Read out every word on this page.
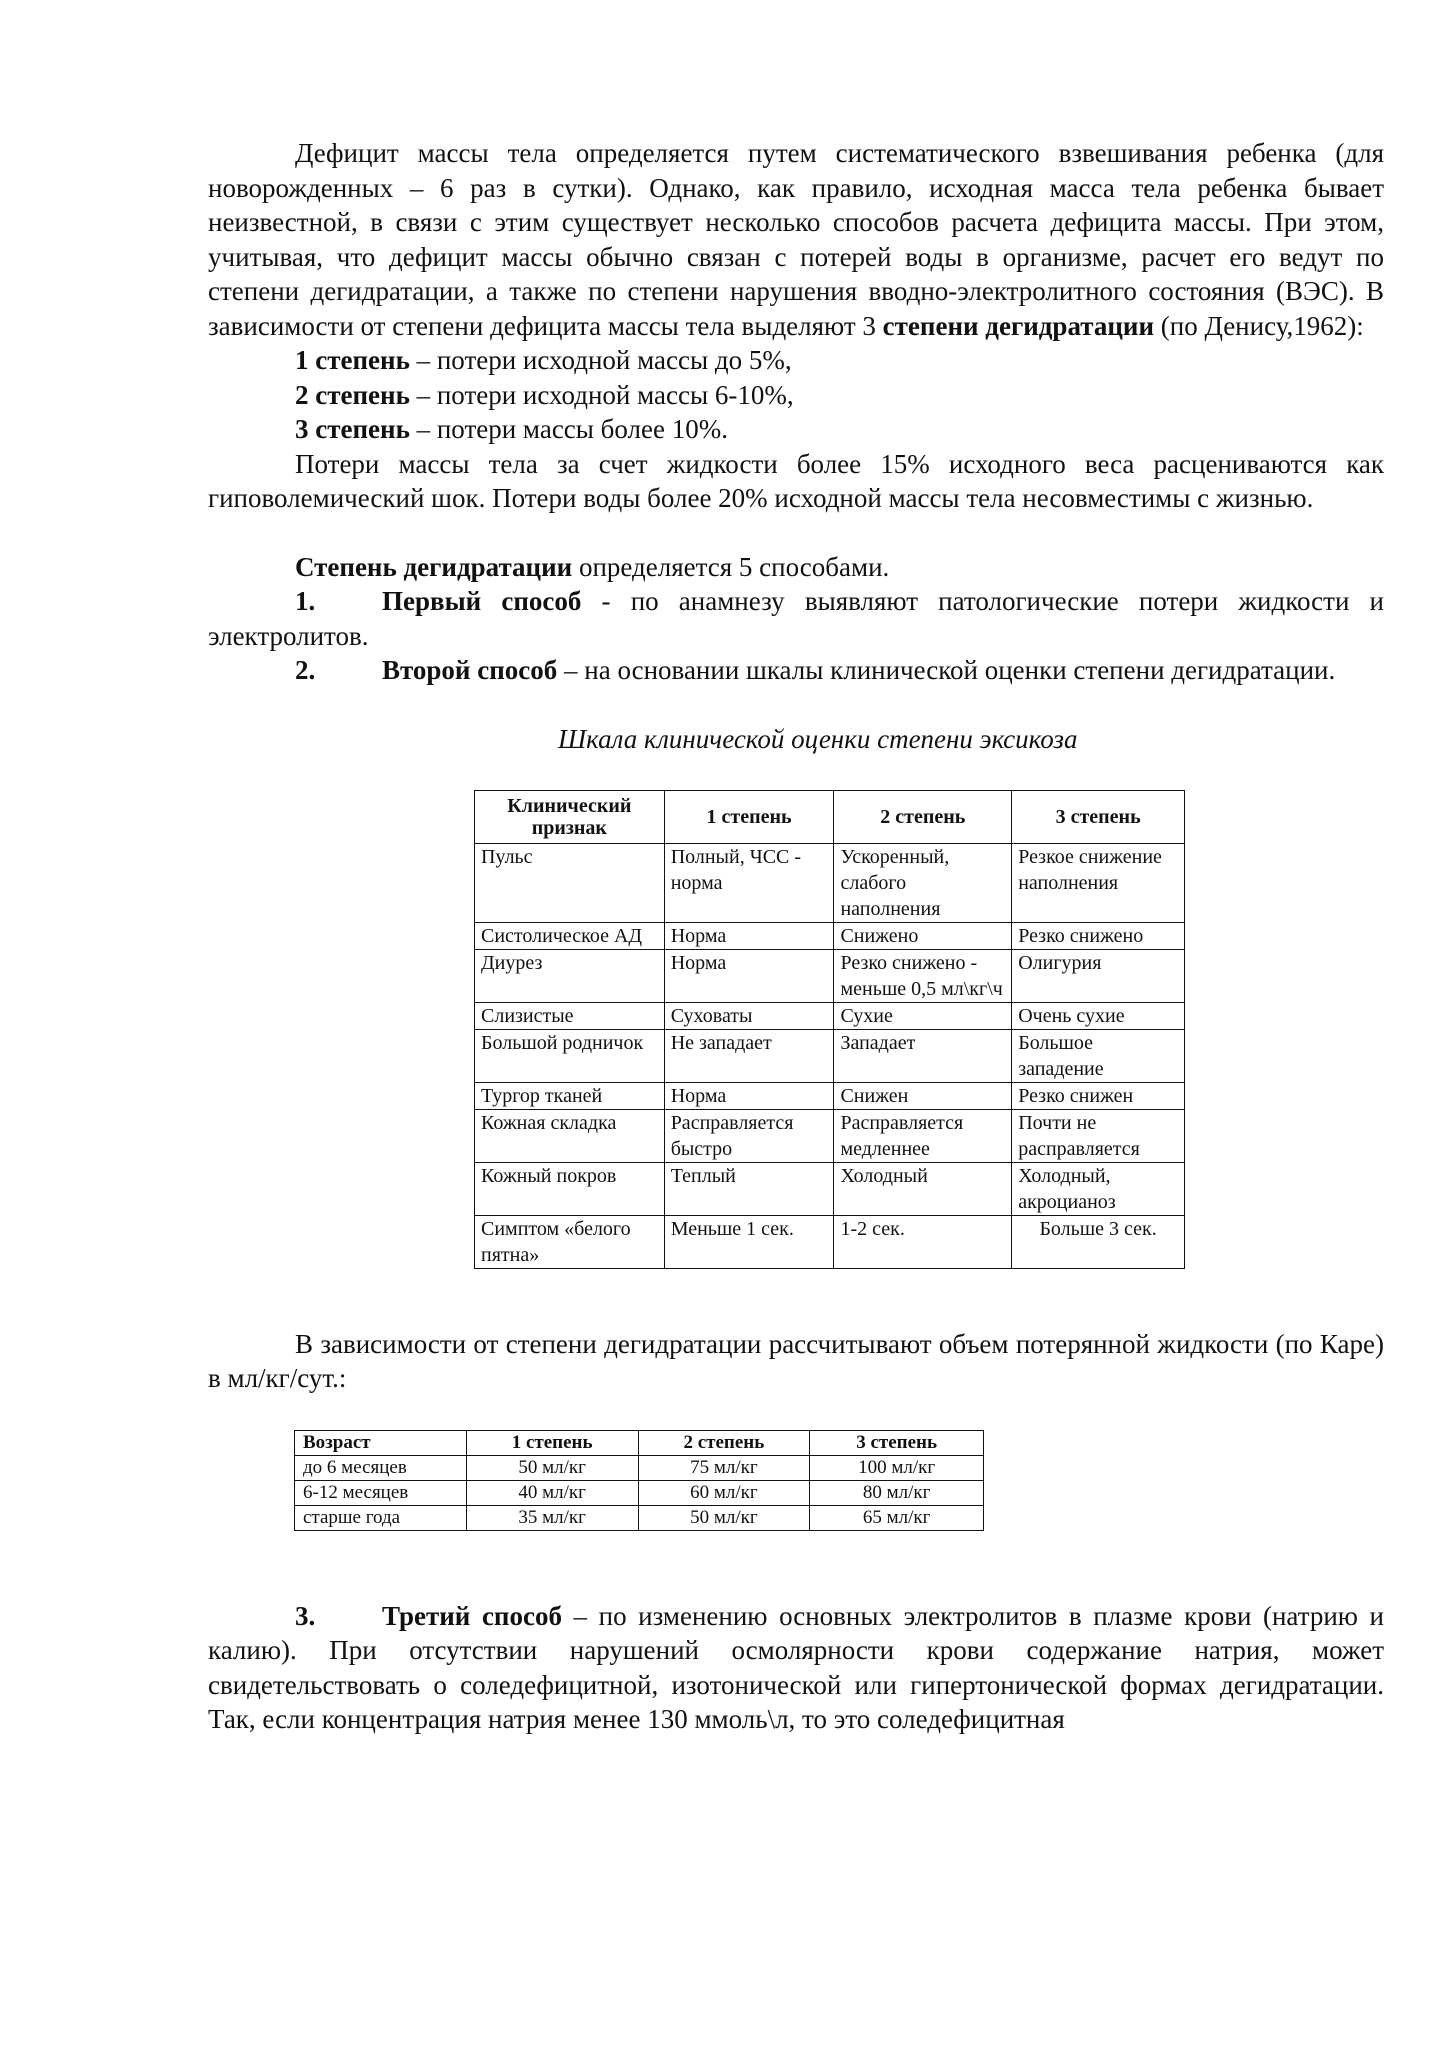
Дефицит массы тела определяется путем систематического взвешивания ребенка (для новорожденных – 6 раз в сутки). Однако, как правило, исходная масса тела ребенка бывает неизвестной, в связи с этим существует несколько способов расчета дефицита массы. При этом, учитывая, что дефицит массы обычно связан с потерей воды в организме, расчет его ведут по степени дегидратации, а также по степени нарушения вводно-электролитного состояния (ВЭС). В зависимости от степени дефицита массы тела выделяют 3 степени дегидратации (по Денису,1962):

1 степень – потери исходной массы до 5%,

2 степень – потери исходной массы 6-10%,

3 степень – потери массы более 10%.

Потери массы тела за счет жидкости более 15% исходного веса расцениваются как гиповолемический шок. Потери воды более 20% исходной массы тела несовместимы с жизнью.

Степень дегидратации определяется 5 способами.

1. Первый способ - по анамнезу выявляют патологические потери жидкости и электролитов.

2. Второй способ – на основании шкалы клинической оценки степени дегидратации.

Шкала клинической оценки степени эксикоза
Клинический признак	1 степень	2 степень	3 степень
Пульс	Полный, ЧСС - норма	Ускоренный, слабого наполнения	Резкое снижение наполнения
Систолическое АД	Норма	Снижено	Резко снижено
Диурез	Норма	Резко снижено - меньше 0,5 мл\кг\ч	Олигурия
Слизистые	Суховаты	Сухие	Очень сухие
Большой родничок	Не западает	Западает	Большое западение
Тургор тканей	Норма	Снижен	Резко снижен
Кожная складка	Расправляется быстро	Расправляется медленнее	Почти не расправляется
Кожный покров	Теплый	Холодный	Холодный, акроцианоз
Симптом «белого пятна»	Меньше 1 сек.	1-2 сек.	Больше 3 сек.

В зависимости от степени дегидратации рассчитывают объем потерянной жидкости (по Каре) в мл/кг/сут.:

Возраст	1 степень	2 степень	3 степень
до 6 месяцев	50 мл/кг	75 мл/кг	100 мл/кг
6-12 месяцев	40 мл/кг	60 мл/кг	80 мл/кг
старше года	35 мл/кг	50 мл/кг	65 мл/кг

3. Третий способ – по изменению основных электролитов в плазме крови (натрию и калию). При отсутствии нарушений осмолярности крови содержание натрия, может свидетельствовать о соледефицитной, изотонической или гипертонической формах дегидратации. Так, если концентрация натрия менее 130 ммоль\л, то это соледефицитная
